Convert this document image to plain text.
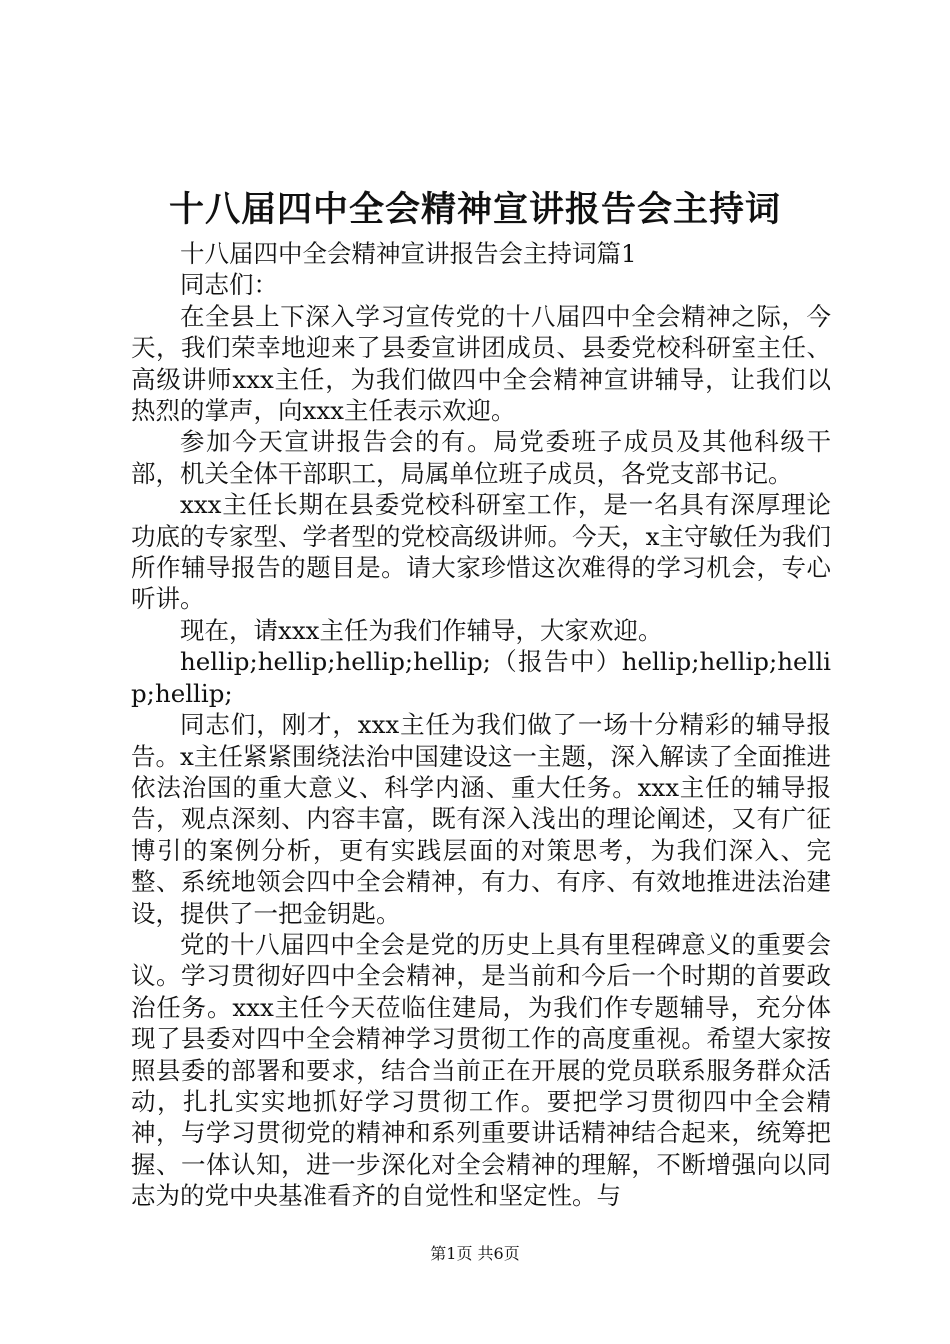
十八届四中全会精神宣讲报告会主持词

十八届四中全会精神宣讲报告会主持词篇1

同志们：

在全县上下深入学习宣传党的十八届四中全会精神之际，今天，我们荣幸地迎来了县委宣讲团成员、县委党校科研室主任、高级讲师xxx主任，为我们做四中全会精神宣讲辅导，让我们以热烈的掌声，向xxx主任表示欢迎。

参加今天宣讲报告会的有。局党委班子成员及其他科级干部，机关全体干部职工，局属单位班子成员，各党支部书记。

xxx主任长期在县委党校科研室工作，是一名具有深厚理论功底的专家型、学者型的党校高级讲师。今天，x主守敏任为我们所作辅导报告的题目是。请大家珍惜这次难得的学习机会，专心听讲。

现在，请xxx主任为我们作辅导，大家欢迎。

hellip;hellip;hellip;hellip;（报告中）hellip;hellip;hellip;hellip;

同志们，刚才，xxx主任为我们做了一场十分精彩的辅导报告。x主任紧紧围绕法治中国建设这一主题，深入解读了全面推进依法治国的重大意义、科学内涵、重大任务。xxx主任的辅导报告，观点深刻、内容丰富，既有深入浅出的理论阐述，又有广征博引的案例分析，更有实践层面的对策思考，为我们深入、完整、系统地领会四中全会精神，有力、有序、有效地推进法治建设，提供了一把金钥匙。

党的十八届四中全会是党的历史上具有里程碑意义的重要会议。学习贯彻好四中全会精神，是当前和今后一个时期的首要政治任务。xxx主任今天莅临住建局，为我们作专题辅导，充分体现了县委对四中全会精神学习贯彻工作的高度重视。希望大家按照县委的部署和要求，结合当前正在开展的党员联系服务群众活动，扎扎实实地抓好学习贯彻工作。要把学习贯彻四中全会精神，与学习贯彻党的精神和系列重要讲话精神结合起来，统筹把握、一体认知，进一步深化对全会精神的理解，不断增强向以同志为的党中央基准看齐的自觉性和坚定性。与

第1页 共6页
